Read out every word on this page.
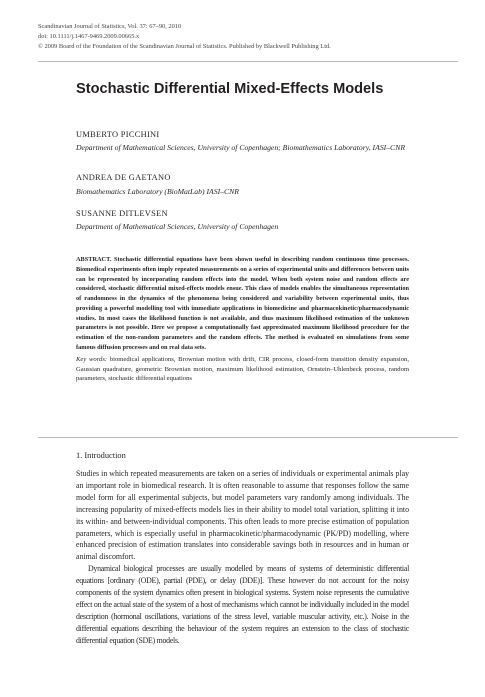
Scandinavian Journal of Statistics, Vol. 37: 67–90, 2010
doi: 10.1111/j.1467-9469.2009.00665.x
© 2009 Board of the Foundation of the Scandinavian Journal of Statistics. Published by Blackwell Publishing Ltd.
Stochastic Differential Mixed-Effects Models
UMBERTO PICCHINI
Department of Mathematical Sciences, University of Copenhagen; Biomathematics Laboratory, IASI–CNR
ANDREA DE GAETANO
Biomathematics Laboratory (BioMatLab) IASI–CNR
SUSANNE DITLEVSEN
Department of Mathematical Sciences, University of Copenhagen
ABSTRACT. Stochastic differential equations have been shown useful in describing random continuous time processes. Biomedical experiments often imply repeated measurements on a series of experimental units and differences between units can be represented by incorporating random effects into the model. When both system noise and random effects are considered, stochastic differential mixed-effects models ensue. This class of models enables the simultaneous representation of randomness in the dynamics of the phenomena being considered and variability between experimental units, thus providing a powerful modelling tool with immediate applications in biomedicine and pharmacokinetic/pharmacodynamic studies. In most cases the likelihood function is not available, and thus maximum likelihood estimation of the unknown parameters is not possible. Here we propose a computationally fast approximated maximum likelihood procedure for the estimation of the non-random parameters and the random effects. The method is evaluated on simulations from some famous diffusion processes and on real data sets.
Key words: biomedical applications, Brownian motion with drift, CIR process, closed-form transition density expansion, Gaussian quadrature, geometric Brownian motion, maximum likelihood estimation, Ornstein–Uhlenbeck process, random parameters, stochastic differential equations
1. Introduction

Studies in which repeated measurements are taken on a series of individuals or experimental animals play an important role in biomedical research. It is often reasonable to assume that responses follow the same model form for all experimental subjects, but model parameters vary randomly among individuals. The increasing popularity of mixed-effects models lies in their ability to model total variation, splitting it into its within- and between-individual components. This often leads to more precise estimation of population parameters, which is especially useful in pharmacokinetic/pharmacodynamic (PK/PD) modelling, where enhanced precision of estimation translates into considerable savings both in resources and in human or animal discomfort.

Dynamical biological processes are usually modelled by means of systems of deterministic differential equations [ordinary (ODE), partial (PDE), or delay (DDE)]. These however do not account for the noisy components of the system dynamics often present in biological systems. System noise represents the cumulative effect on the actual state of the system of a host of mechanisms which cannot be individually included in the model description (hormonal oscillations, variations of the stress level, variable muscular activity, etc.). Noise in the differential equations describing the behaviour of the system requires an extension to the class of stochastic differential equation (SDE) models.
